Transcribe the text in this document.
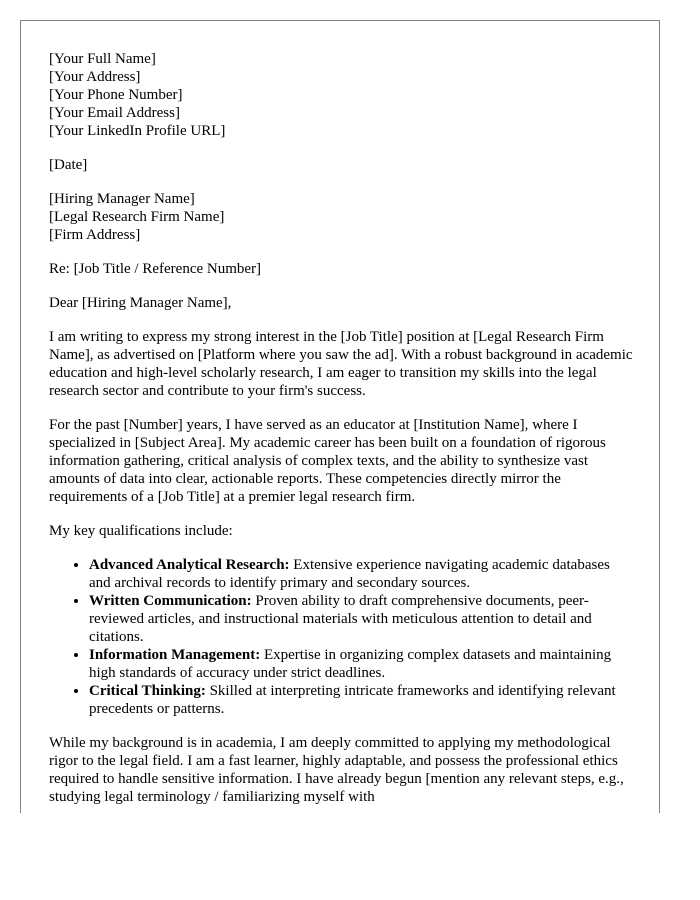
[Your Full Name]
[Your Address]
[Your Phone Number]
[Your Email Address]
[Your LinkedIn Profile URL]
[Date]
[Hiring Manager Name]
[Legal Research Firm Name]
[Firm Address]

Re: [Job Title / Reference Number]

Dear [Hiring Manager Name],

I am writing to express my strong interest in the [Job Title] position at [Legal Research Firm Name], as advertised on [Platform where you saw the ad]. With a robust background in academic education and high-level scholarly research, I am eager to transition my skills into the legal research sector and contribute to your firm's success.

For the past [Number] years, I have served as an educator at [Institution Name], where I specialized in [Subject Area]. My academic career has been built on a foundation of rigorous information gathering, critical analysis of complex texts, and the ability to synthesize vast amounts of data into clear, actionable reports. These competencies directly mirror the requirements of a [Job Title] at a premier legal research firm.

My key qualifications include:

• Advanced Analytical Research: Extensive experience navigating academic databases and archival records to identify primary and secondary sources.
• Written Communication: Proven ability to draft comprehensive documents, peer-reviewed articles, and instructional materials with meticulous attention to detail and citations.
• Information Management: Expertise in organizing complex datasets and maintaining high standards of accuracy under strict deadlines.
• Critical Thinking: Skilled at interpreting intricate frameworks and identifying relevant precedents or patterns.

While my background is in academia, I am deeply committed to applying my methodological rigor to the legal field. I am a fast learner, highly adaptable, and possess the professional ethics required to handle sensitive information. I have already begun [mention any relevant steps, e.g., studying legal terminology / familiarizing myself with
